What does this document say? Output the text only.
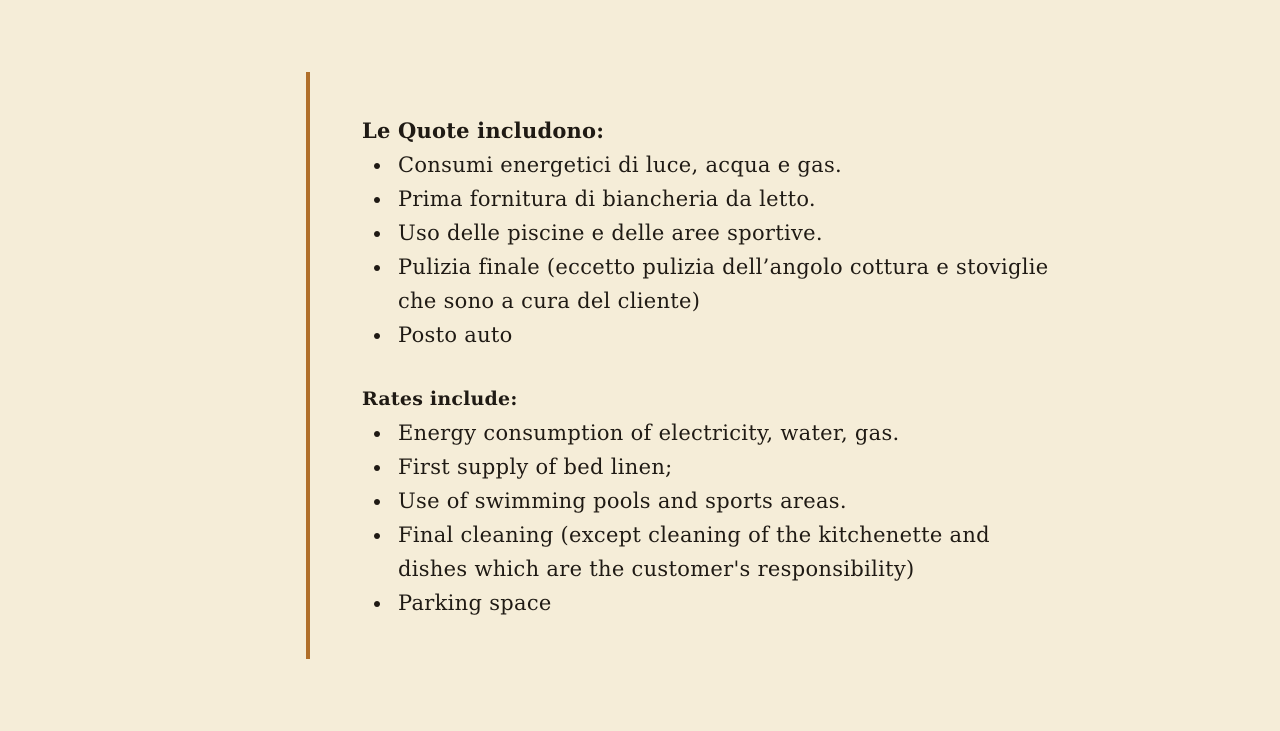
Le Quote includono:

Consumi energetici di luce, acqua e gas.
Prima fornitura di biancheria da letto.
Uso delle piscine e delle aree sportive.
Pulizia finale (eccetto pulizia dell’angolo cottura e stoviglie che sono a cura del cliente)
Posto auto

Rates include:

Energy consumption of electricity, water, gas.
First supply of bed linen;
Use of swimming pools and sports areas.
Final cleaning (except cleaning of the kitchenette and dishes which are the customer's responsibility)
Parking space
